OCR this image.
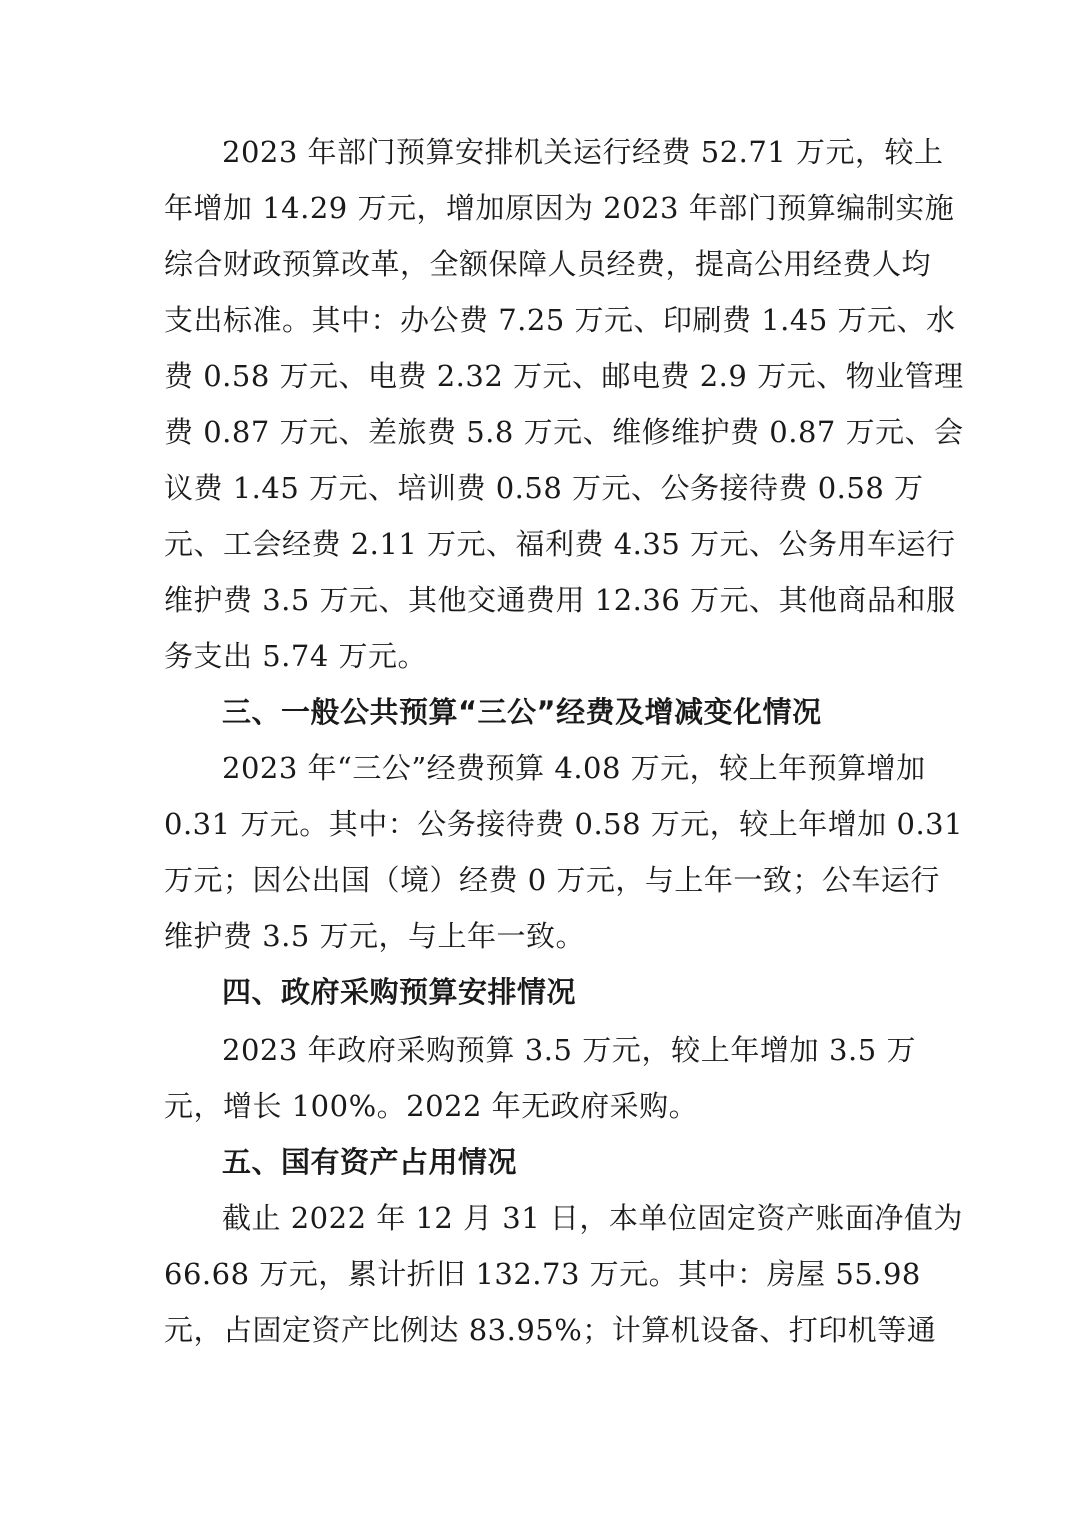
2023 年部门预算安排机关运行经费 52.71 万元，较上
年增加 14.29 万元，增加原因为 2023 年部门预算编制实施
综合财政预算改革，全额保障人员经费，提高公用经费人均
支出标准。其中：办公费 7.25 万元、印刷费 1.45 万元、水
费 0.58 万元、电费 2.32 万元、邮电费 2.9 万元、物业管理
费 0.87 万元、差旅费 5.8 万元、维修维护费 0.87 万元、会
议费 1.45 万元、培训费 0.58 万元、公务接待费 0.58 万
元、工会经费 2.11 万元、福利费 4.35 万元、公务用车运行
维护费 3.5 万元、其他交通费用 12.36 万元、其他商品和服
务支出 5.74 万元。
三、一般公共预算“三公”经费及增减变化情况
2023 年“三公”经费预算 4.08 万元，较上年预算增加
0.31 万元。其中：公务接待费 0.58 万元，较上年增加 0.31
万元；因公出国（境）经费 0 万元，与上年一致；公车运行
维护费 3.5 万元，与上年一致。
四、政府采购预算安排情况
2023 年政府采购预算 3.5 万元，较上年增加 3.5 万
元，增长 100%。2022 年无政府采购。
五、国有资产占用情况
截止 2022 年 12 月 31 日，本单位固定资产账面净值为
66.68 万元，累计折旧 132.73 万元。其中：房屋 55.98
元，占固定资产比例达 83.95%；计算机设备、打印机等通
